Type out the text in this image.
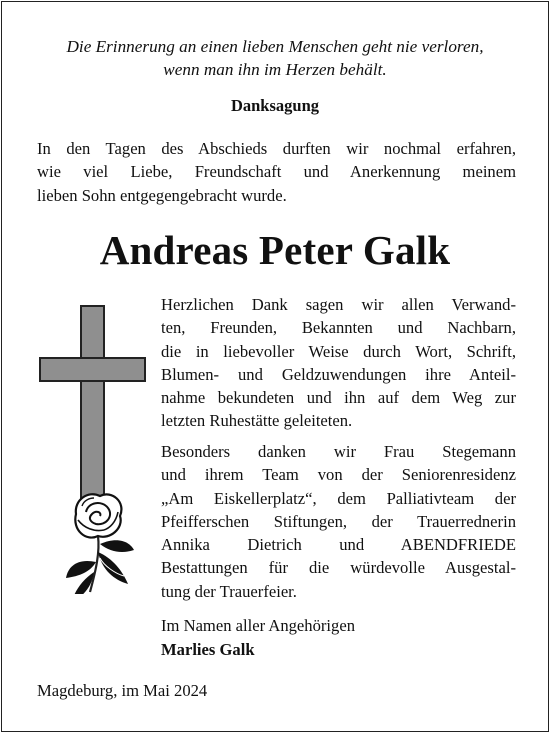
Die Erinnerung an einen lieben Menschen geht nie verloren,
wenn man ihn im Herzen behält.
Danksagung
In den Tagen des Abschieds durften wir nochmal erfahren,
wie viel Liebe, Freundschaft und Anerkennung meinem
lieben Sohn entgegengebracht wurde.
Andreas Peter Galk
Herzlichen Dank sagen wir allen Verwand-
ten, Freunden, Bekannten und Nachbarn,
die in liebevoller Weise durch Wort, Schrift,
Blumen- und Geldzuwendungen ihre Anteil-
nahme bekundeten und ihn auf dem Weg zur
letzten Ruhestätte geleiteten.
Besonders danken wir Frau Stegemann
und ihrem Team von der Seniorenresidenz
„Am Eiskellerplatz“, dem Palliativteam der
Pfeifferschen Stiftungen, der Trauerrednerin
Annika Dietrich und ABENDFRIEDE
Bestattungen für die würdevolle Ausgestal-
tung der Trauerfeier.
Im Namen aller Angehörigen
Marlies Galk
Magdeburg, im Mai 2024
